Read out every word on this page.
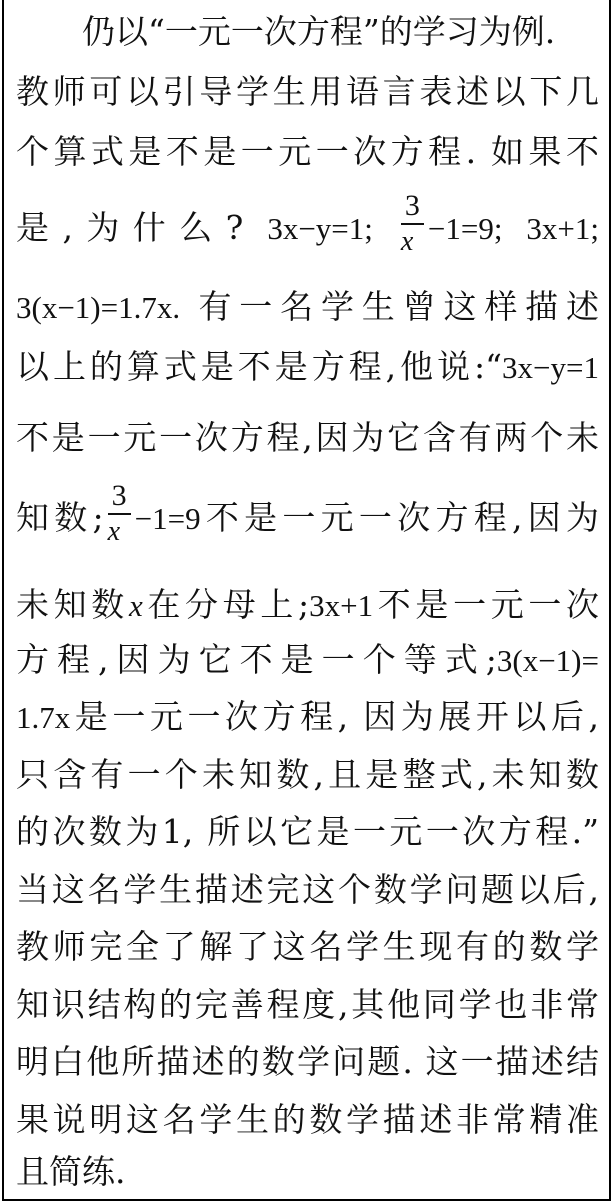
仍以“一元一次方程”的学习为例.
教师可以引导学生用语言表述以下几
个算式是不是一元一次方程. 如果不
是,为什么? 3x−y=1; $\frac{3}{x} -1=9$; 3x+1;
3(x−1)=1.7x. 有一名学生曾这样描述
以上的算式是不是方程,他说:“3x−y=1
不是一元一次方程,因为它含有两个未
知数; $\frac{3}{x} -1=9$不是一元一次方程,因为
未知数x在分母上;3x+1不是一元一次
方程,因为它不是一个等式;3(x−1)=
1.7x是一元一次方程, 因为展开以后,
只含有一个未知数,且是整式,未知数
的次数为1, 所以它是一元一次方程.”
当这名学生描述完这个数学问题以后,
教师完全了解了这名学生现有的数学
知识结构的完善程度,其他同学也非常
明白他所描述的数学问题. 这一描述结
果说明这名学生的数学描述非常精准
且简练.
